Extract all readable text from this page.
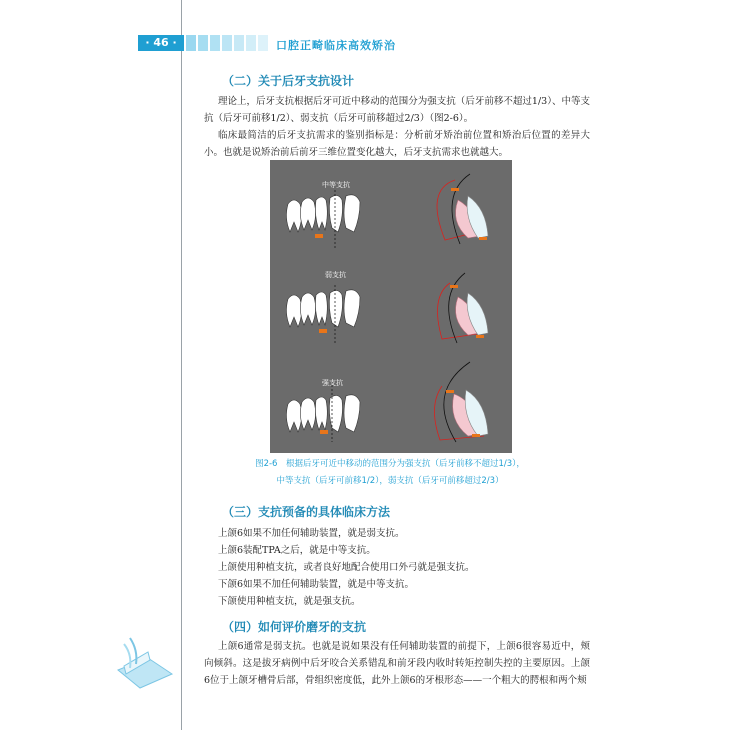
· 46 ·	口腔正畸临床高效矫治
（二）关于后牙支抗设计
理论上，后牙支抗根据后牙可近中移动的范围分为强支抗（后牙前移不超过1/3）、中等支抗（后牙可前移1/2）、弱支抗（后牙可前移超过2/3）（图2-6）。
临床最简洁的后牙支抗需求的鉴别指标是：分析前牙矫治前位置和矫治后位置的差异大小。也就是说矫治前后前牙三维位置变化越大，后牙支抗需求也就越大。
中等支抗
弱支抗
强支抗
图2-6　根据后牙可近中移动的范围分为强支抗（后牙前移不超过1/3），
中等支抗（后牙可前移1/2），弱支抗（后牙可前移超过2/3）
（三）支抗预备的具体临床方法
上颌6如果不加任何辅助装置，就是弱支抗。
上颌6装配TPA之后，就是中等支抗。
上颌使用种植支抗，或者良好地配合使用口外弓就是强支抗。
下颌6如果不加任何辅助装置，就是中等支抗。
下颌使用种植支抗，就是强支抗。
（四）如何评价磨牙的支抗
上颌6通常是弱支抗。也就是说如果没有任何辅助装置的前提下，上颌6很容易近中，颊向倾斜。这是拔牙病例中后牙咬合关系错乱和前牙段内收时转矩控制失控的主要原因。上颌6位于上颌牙槽骨后部，骨组织密度低，此外上颌6的牙根形态——一个粗大的腭根和两个颊
